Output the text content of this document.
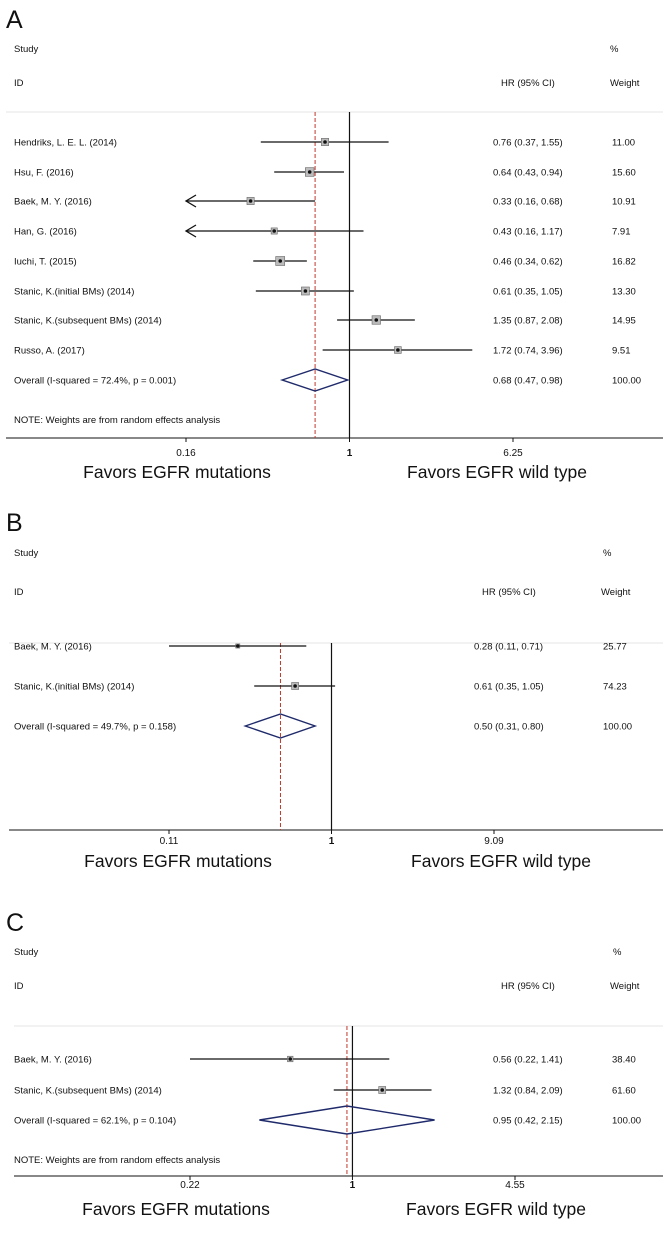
A
Study	%
ID	HR (95% CI)	Weight
Hendriks, L. E. L. (2014)	0.76 (0.37, 1.55)	11.00
Hsu, F. (2016)	0.64 (0.43, 0.94)	15.60
Baek, M. Y. (2016)	0.33 (0.16, 0.68)	10.91
Han, G. (2016)	0.43 (0.16, 1.17)	7.91
Iuchi, T. (2015)	0.46 (0.34, 0.62)	16.82
Stanic, K.(initial BMs) (2014)	0.61 (0.35, 1.05)	13.30
Stanic, K.(subsequent BMs) (2014)	1.35 (0.87, 2.08)	14.95
Russo, A. (2017)	1.72 (0.74, 3.96)	9.51
Overall (I-squared = 72.4%, p = 0.001)	0.68 (0.47, 0.98)	100.00
NOTE: Weights are from random effects analysis
0.16	1	6.25
Favors EGFR mutations	Favors EGFR wild type
B
Study	%
ID	HR (95% CI)	Weight
Baek, M. Y. (2016)	0.28 (0.11, 0.71)	25.77
Stanic, K.(initial BMs) (2014)	0.61 (0.35, 1.05)	74.23
Overall (I-squared = 49.7%, p = 0.158)	0.50 (0.31, 0.80)	100.00
0.11	1	9.09
Favors EGFR mutations	Favors EGFR wild type
C
Study	%
ID	HR (95% CI)	Weight
Baek, M. Y. (2016)	0.56 (0.22, 1.41)	38.40
Stanic, K.(subsequent BMs) (2014)	1.32 (0.84, 2.09)	61.60
Overall (I-squared = 62.1%, p = 0.104)	0.95 (0.42, 2.15)	100.00
NOTE: Weights are from random effects analysis
0.22	1	4.55
Favors EGFR mutations	Favors EGFR wild type
